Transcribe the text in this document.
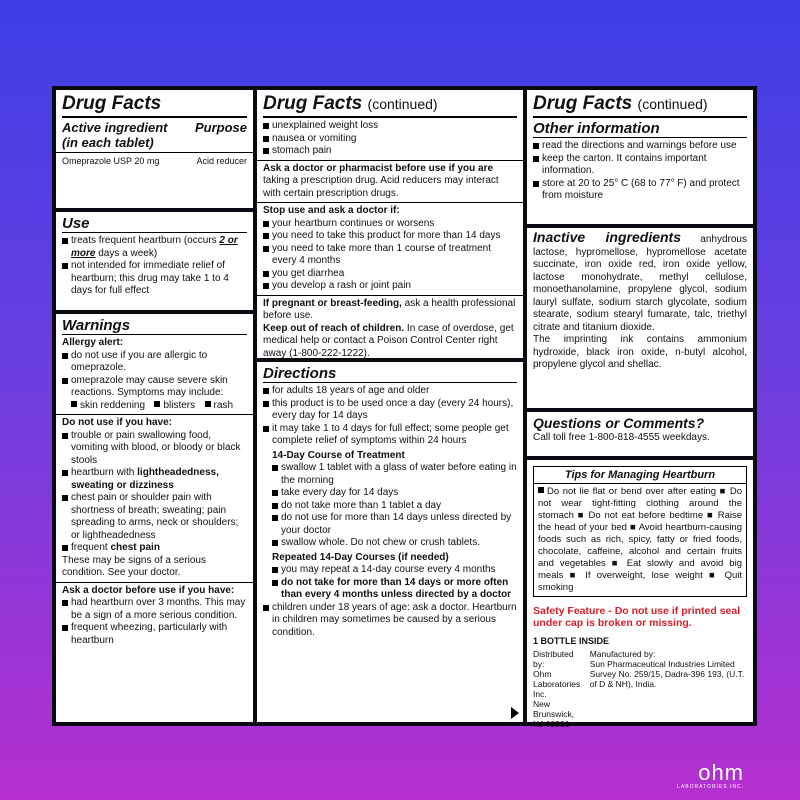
Drug Facts
Active ingredient
(in each tablet)
Purpose
Omeprazole USP 20 mg	Acid reducer
Use
treats frequent heartburn (occurs 2 or more days a week)
not intended for immediate relief of heartburn; this drug may take 1 to 4 days for full effect
Warnings
Allergy alert:
do not use if you are allergic to omeprazole.
omeprazole may cause severe skin reactions. Symptoms may include:
skin reddening	blisters	rash
Do not use if you have:
trouble or pain swallowing food, vomiting with blood, or bloody or black stools
heartburn with lightheadedness, sweating or dizziness
chest pain or shoulder pain with shortness of breath; sweating; pain spreading to arms, neck or shoulders; or lightheadedness
frequent chest pain
These may be signs of a serious condition. See your doctor.
Ask a doctor before use if you have:
had heartburn over 3 months. This may be a sign of a more serious condition.
frequent wheezing, particularly with heartburn
Drug Facts (continued)
unexplained weight loss
nausea or vomiting
stomach pain
Ask a doctor or pharmacist before use if you are taking a prescription drug. Acid reducers may interact with certain prescription drugs.
Stop use and ask a doctor if:
your heartburn continues or worsens
you need to take this product for more than 14 days
you need to take more than 1 course of treatment every 4 months
you get diarrhea
you develop a rash or joint pain
If pregnant or breast-feeding, ask a health professional before use.
Keep out of reach of children. In case of overdose, get medical help or contact a Poison Control Center right away (1-800-222-1222).
Directions
for adults 18 years of age and older
this product is to be used once a day (every 24 hours), every day for 14 days
it may take 1 to 4 days for full effect; some people get complete relief of symptoms within 24 hours
14-Day Course of Treatment
swallow 1 tablet with a glass of water before eating in the morning
take every day for 14 days
do not take more than 1 tablet a day
do not use for more than 14 days unless directed by your doctor
swallow whole. Do not chew or crush tablets.
Repeated 14-Day Courses (if needed)
you may repeat a 14-day course every 4 months
do not take for more than 14 days or more often than every 4 months unless directed by a doctor
children under 18 years of age: ask a doctor. Heartburn in children may sometimes be caused by a serious condition.
Drug Facts (continued)
Other information
read the directions and warnings before use
keep the carton. It contains important information.
store at 20 to 25° C (68 to 77° F) and protect from moisture
Inactive ingredients anhydrous lactose, hypromellose, hypromellose acetate succinate, iron oxide red, iron oxide yellow, lactose monohydrate, methyl cellulose, monoethanolamine, propylene glycol, sodium lauryl sulfate, sodium starch glycolate, sodium stearate, sodium stearyl fumarate, talc, triethyl citrate and titanium dioxide.
The imprinting ink contains ammonium hydroxide, black iron oxide, n-butyl alcohol, propylene glycol and shellac.
Questions or Comments?
Call toll free 1-800-818-4555 weekdays.
Tips for Managing Heartburn
Do not lie flat or bend over after eating ■ Do not wear tight-fitting clothing around the stomach ■ Do not eat before bedtime ■ Raise the head of your bed ■ Avoid heartburn-causing foods such as rich, spicy, fatty or fried foods, chocolate, caffeine, alcohol and certain fruits and vegetables ■ Eat slowly and avoid big meals ■ If overweight, lose weight ■ Quit smoking
Safety Feature - Do not use if printed seal under cap is broken or missing.
1 BOTTLE INSIDE
Distributed by:
Ohm Laboratories Inc.
New Brunswick, NJ 08901
Manufactured by:
Sun Pharmaceutical Industries Limited
Survey No. 259/15, Dadra-396 193, (U.T. of D & NH), India.
ohm
LABORATORIES INC.
